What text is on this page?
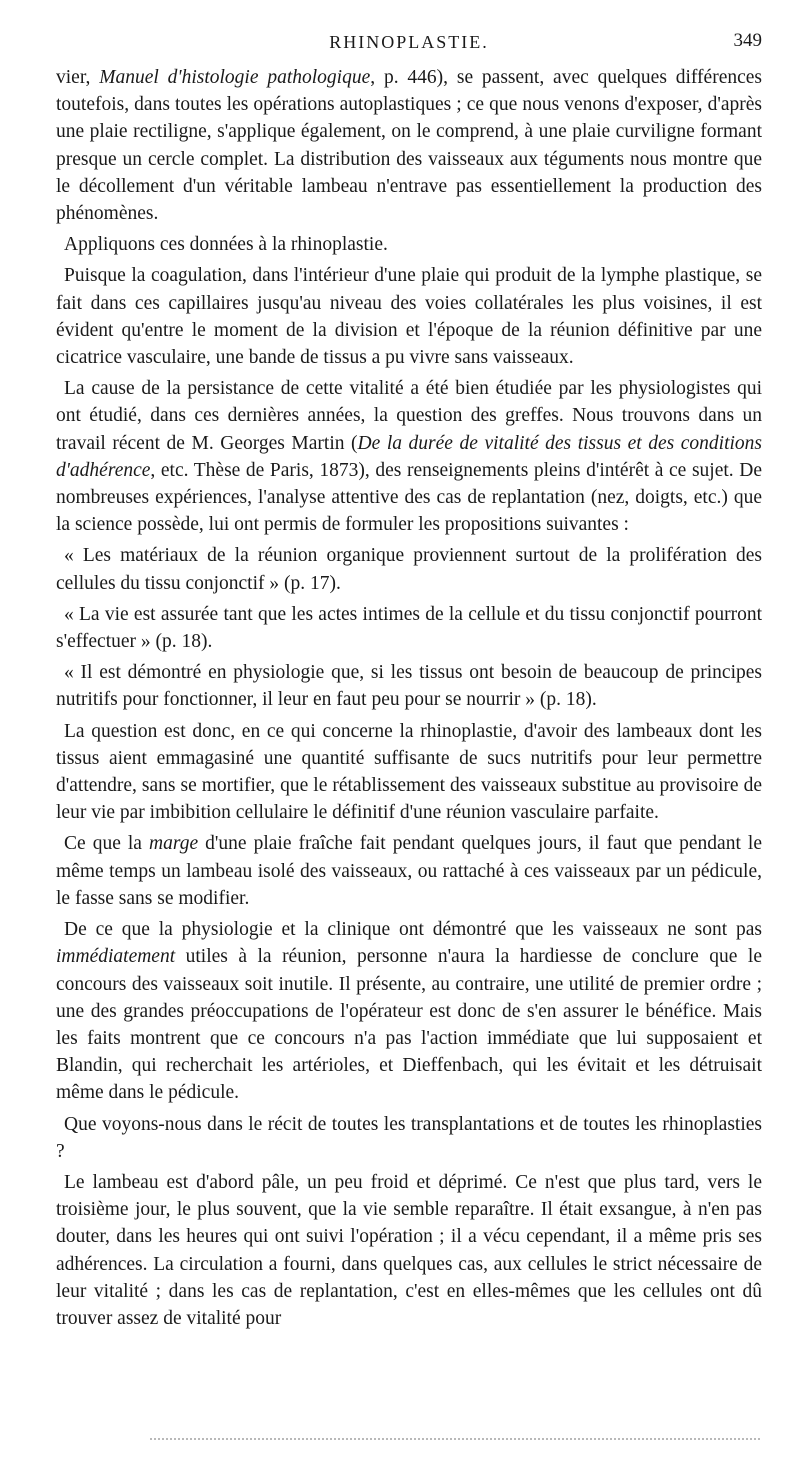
RHINOPLASTIE.	349

vier, Manuel d'histologie pathologique, p. 446), se passent, avec quelques différences toutefois, dans toutes les opérations autoplastiques ; ce que nous venons d'exposer, d'après une plaie rectiligne, s'applique également, on le comprend, à une plaie curviligne formant presque un cercle complet. La distribution des vaisseaux aux téguments nous montre que le décollement d'un véritable lambeau n'entrave pas essentiellement la production des phénomènes.

Appliquons ces données à la rhinoplastie.

Puisque la coagulation, dans l'intérieur d'une plaie qui produit de la lymphe plastique, se fait dans ces capillaires jusqu'au niveau des voies collatérales les plus voisines, il est évident qu'entre le moment de la division et l'époque de la réunion définitive par une cicatrice vasculaire, une bande de tissus a pu vivre sans vaisseaux.

La cause de la persistance de cette vitalité a été bien étudiée par les physiologistes qui ont étudié, dans ces dernières années, la question des greffes. Nous trouvons dans un travail récent de M. Georges Martin (De la durée de vitalité des tissus et des conditions d'adhérence, etc. Thèse de Paris, 1873), des renseignements pleins d'intérêt à ce sujet. De nombreuses expériences, l'analyse attentive des cas de replantation (nez, doigts, etc.) que la science possède, lui ont permis de formuler les propositions suivantes :

« Les matériaux de la réunion organique proviennent surtout de la prolifération des cellules du tissu conjonctif » (p. 17).

« La vie est assurée tant que les actes intimes de la cellule et du tissu conjonctif pourront s'effectuer » (p. 18).

« Il est démontré en physiologie que, si les tissus ont besoin de beaucoup de principes nutritifs pour fonctionner, il leur en faut peu pour se nourrir » (p. 18).

La question est donc, en ce qui concerne la rhinoplastie, d'avoir des lambeaux dont les tissus aient emmagasiné une quantité suffisante de sucs nutritifs pour leur permettre d'attendre, sans se mortifier, que le rétablissement des vaisseaux substitue au provisoire de leur vie par imbibition cellulaire le définitif d'une réunion vasculaire parfaite.

Ce que la marge d'une plaie fraîche fait pendant quelques jours, il faut que pendant le même temps un lambeau isolé des vaisseaux, ou rattaché à ces vaisseaux par un pédicule, le fasse sans se modifier.

De ce que la physiologie et la clinique ont démontré que les vaisseaux ne sont pas immédiatement utiles à la réunion, personne n'aura la hardiesse de conclure que le concours des vaisseaux soit inutile. Il présente, au contraire, une utilité de premier ordre ; une des grandes préoccupations de l'opérateur est donc de s'en assurer le bénéfice. Mais les faits montrent que ce concours n'a pas l'action immédiate que lui supposaient et Blandin, qui recherchait les artérioles, et Dieffenbach, qui les évitait et les détruisait même dans le pédicule.

Que voyons-nous dans le récit de toutes les transplantations et de toutes les rhinoplasties ?

Le lambeau est d'abord pâle, un peu froid et déprimé. Ce n'est que plus tard, vers le troisième jour, le plus souvent, que la vie semble reparaître. Il était exsangue, à n'en pas douter, dans les heures qui ont suivi l'opération ; il a vécu cependant, il a même pris ses adhérences. La circulation a fourni, dans quelques cas, aux cellules le strict nécessaire de leur vitalité ; dans les cas de replantation, c'est en elles-mêmes que les cellules ont dû trouver assez de vitalité pour
